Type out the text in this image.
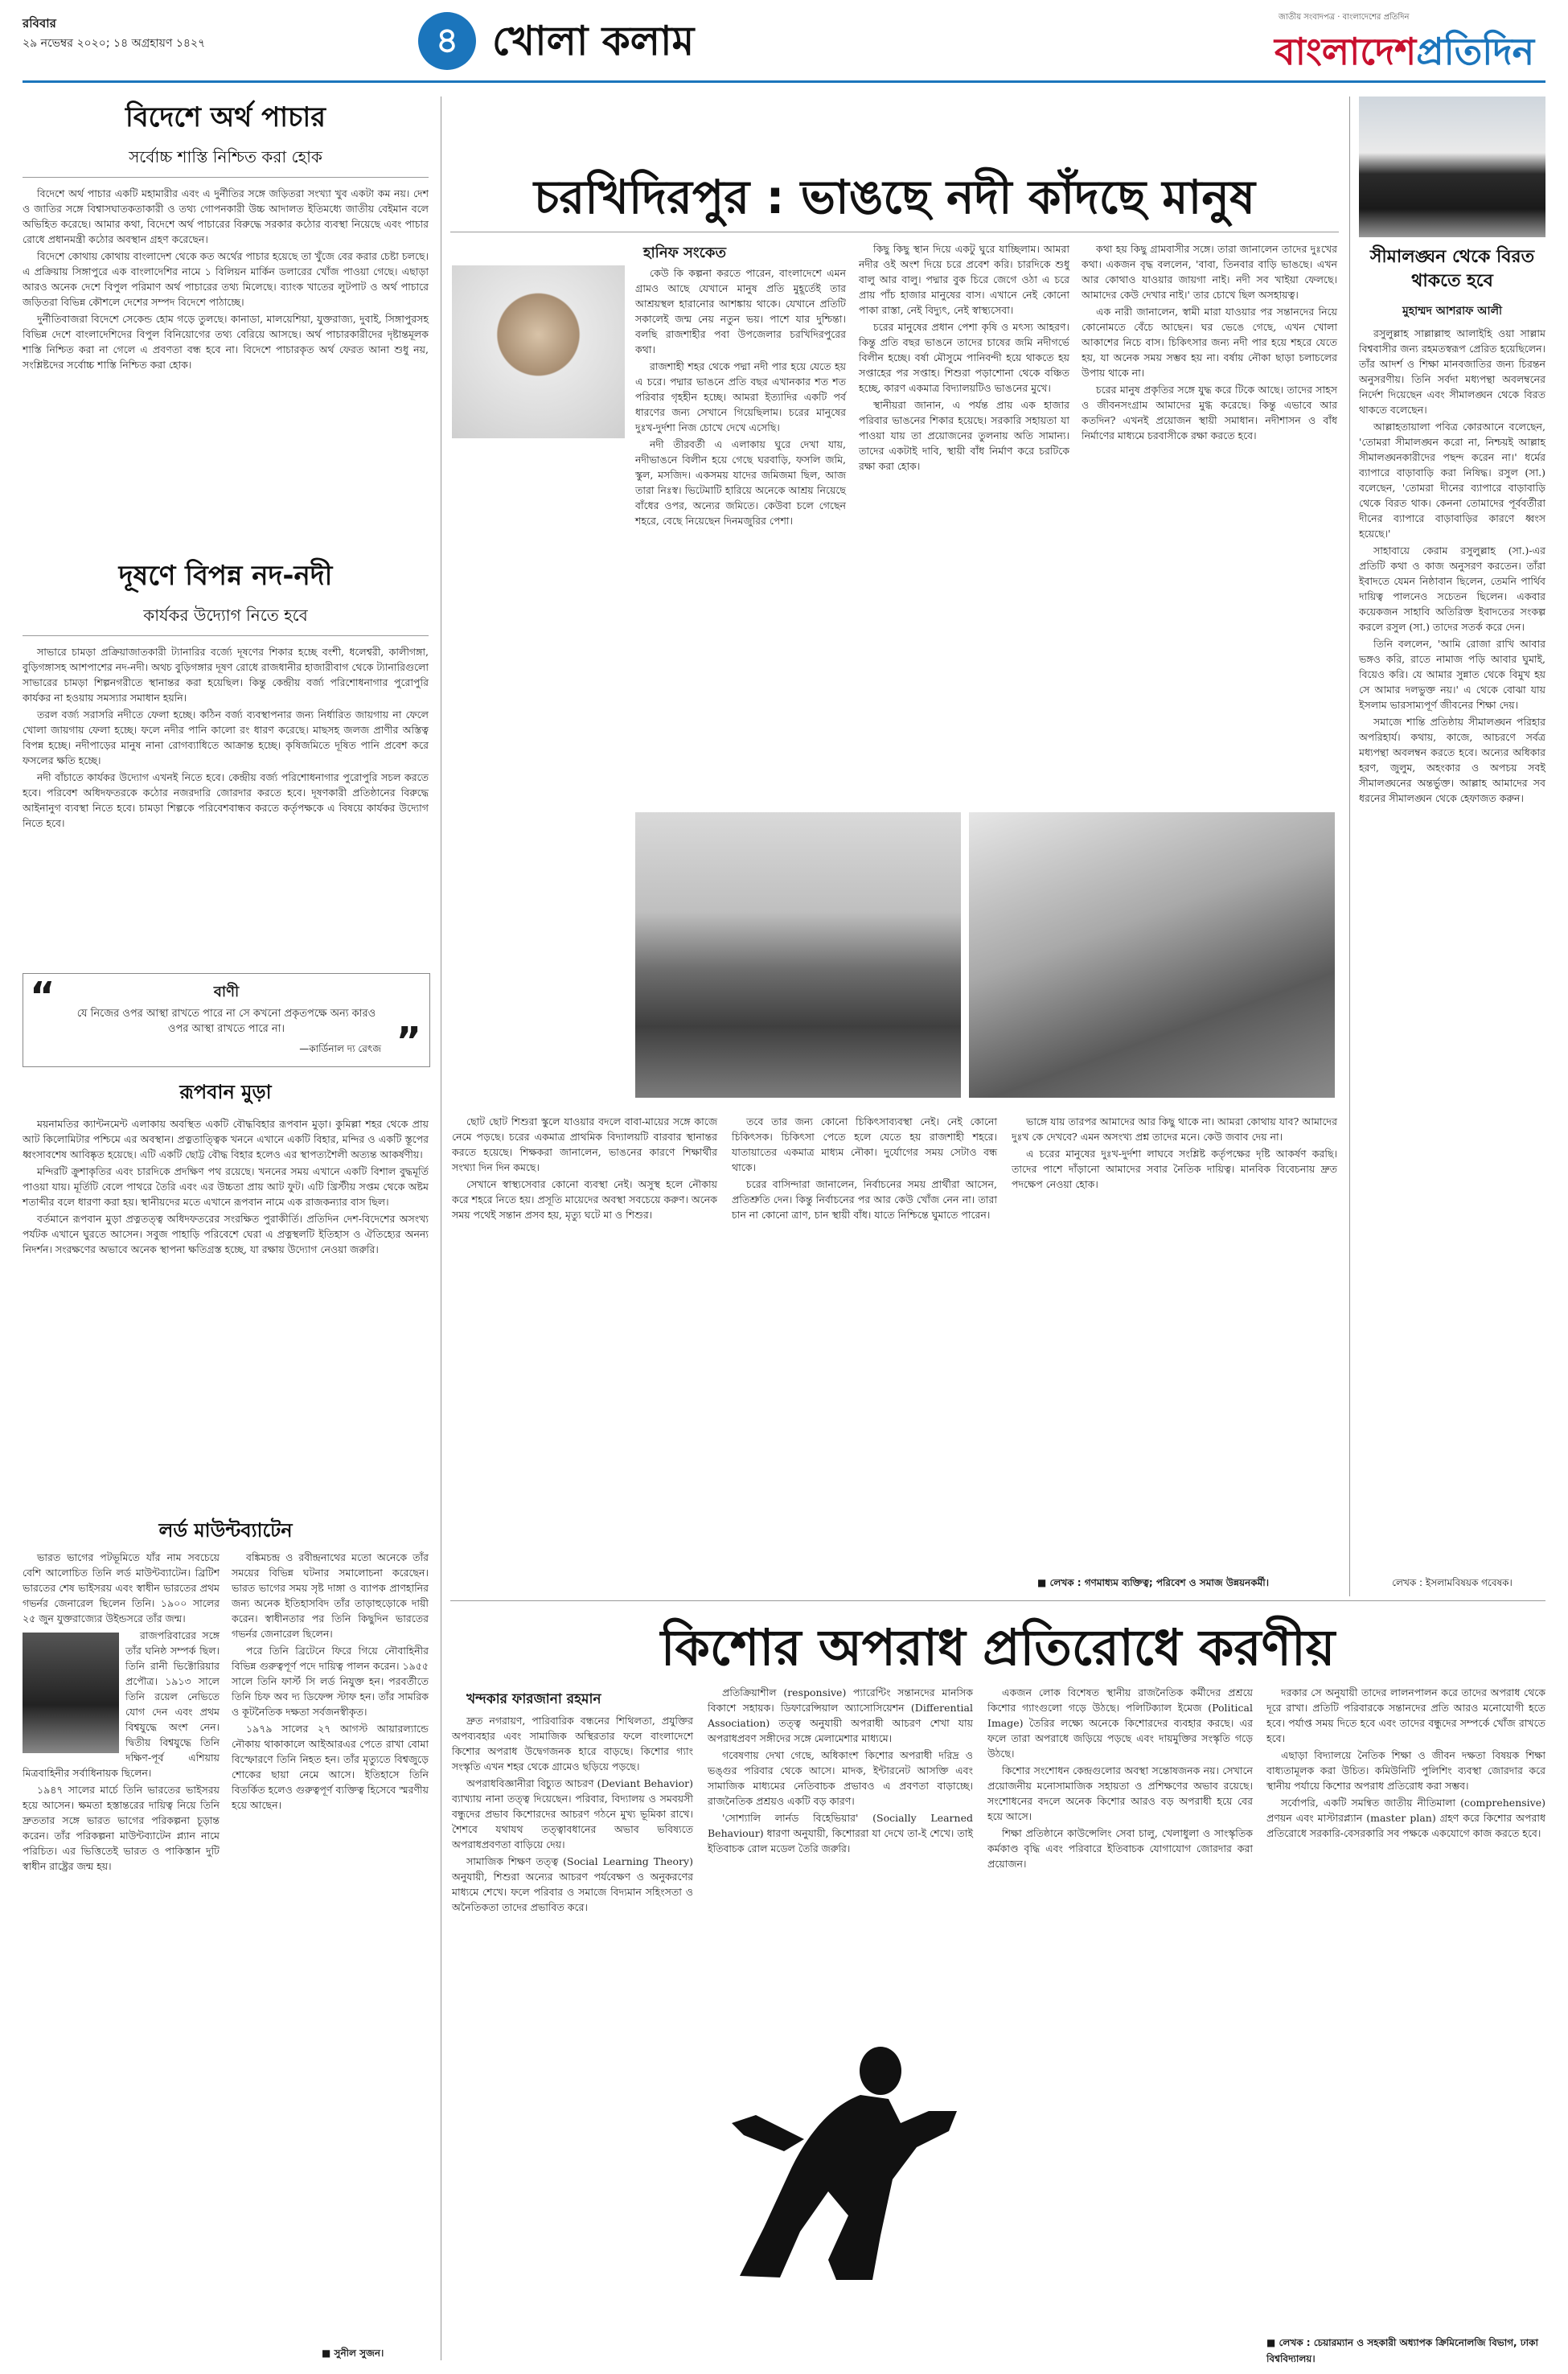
রবিবার
২৯ নভেম্বর ২০২০; ১৪ অগ্রহায়ণ ১৪২৭	৪ খোলা কলাম
জাতীয় সংবাদপত্র · বাংলাদেশের প্রতিদিন
বাংলাদেশপ্রতিদিন
বিদেশে অর্থ পাচার
সর্বোচ্চ শাস্তি নিশ্চিত করা হোক

বিদেশে অর্থ পাচার একটি মহামারীর এবং এ দুর্নীতির সঙ্গে জড়িতরা সংখ্যা খুব একটা কম নয়। দেশ ও জাতির সঙ্গে বিশ্বাসঘাতকতাকারী ও তথ্য গোপনকারী উচ্চ আদালত ইতিমধ্যে জাতীয় বেইমান বলে অভিহিত করেছে। আমার কথা, বিদেশে অর্থ পাচারের বিরুদ্ধে সরকার কঠোর ব্যবস্থা নিয়েছে এবং পাচার রোধে প্রধানমন্ত্রী কঠোর অবস্থান গ্রহণ করেছেন।

বিদেশে কোথায় কোথায় বাংলাদেশ থেকে কত অর্থের পাচার হয়েছে তা খুঁজে বের করার চেষ্টা চলছে। এ প্রক্রিয়ায় সিঙ্গাপুরে এক বাংলাদেশির নামে ১ বিলিয়ন মার্কিন ডলারের খোঁজ পাওয়া গেছে। এছাড়া আরও অনেক দেশে বিপুল পরিমাণ অর্থ পাচারের তথ্য মিলেছে। ব্যাংক খাতের লুটপাট ও অর্থ পাচারে জড়িতরা বিভিন্ন কৌশলে দেশের সম্পদ বিদেশে পাঠাচ্ছে।

দুর্নীতিবাজরা বিদেশে সেকেন্ড হোম গড়ে তুলছে। কানাডা, মালয়েশিয়া, যুক্তরাজ্য, দুবাই, সিঙ্গাপুরসহ বিভিন্ন দেশে বাংলাদেশিদের বিপুল বিনিয়োগের তথ্য বেরিয়ে আসছে। অর্থ পাচারকারীদের দৃষ্টান্তমূলক শাস্তি নিশ্চিত করা না গেলে এ প্রবণতা বন্ধ হবে না। বিদেশে পাচারকৃত অর্থ ফেরত আনা শুধু নয়, সংশ্লিষ্টদের সর্বোচ্চ শাস্তি নিশ্চিত করা হোক।

দূষণে বিপন্ন নদ-নদী
কার্যকর উদ্যোগ নিতে হবে

সাভারে চামড়া প্রক্রিয়াজাতকারী ট্যানারির বর্জ্যে দূষণের শিকার হচ্ছে বংশী, ধলেশ্বরী, কালীগঙ্গা, বুড়িগঙ্গাসহ আশপাশের নদ-নদী। অথচ বুড়িগঙ্গার দূষণ রোধে রাজধানীর হাজারীবাগ থেকে ট্যানারিগুলো সাভারের চামড়া শিল্পনগরীতে স্থানান্তর করা হয়েছিল। কিন্তু কেন্দ্রীয় বর্জ্য পরিশোধনাগার পুরোপুরি কার্যকর না হওয়ায় সমস্যার সমাধান হয়নি।

তরল বর্জ্য সরাসরি নদীতে ফেলা হচ্ছে। কঠিন বর্জ্য ব্যবস্থাপনার জন্য নির্ধারিত জায়গায় না ফেলে খোলা জায়গায় ফেলা হচ্ছে। ফলে নদীর পানি কালো রং ধারণ করেছে। মাছসহ জলজ প্রাণীর অস্তিত্ব বিপন্ন হচ্ছে। নদীপাড়ের মানুষ নানা রোগব্যাধিতে আক্রান্ত হচ্ছে। কৃষিজমিতে দূষিত পানি প্রবেশ করে ফসলের ক্ষতি হচ্ছে।

নদী বাঁচাতে কার্যকর উদ্যোগ এখনই নিতে হবে। কেন্দ্রীয় বর্জ্য পরিশোধনাগার পুরোপুরি সচল করতে হবে। পরিবেশ অধিদফতরকে কঠোর নজরদারি জোরদার করতে হবে। দূষণকারী প্রতিষ্ঠানের বিরুদ্ধে আইনানুগ ব্যবস্থা নিতে হবে। চামড়া শিল্পকে পরিবেশবান্ধব করতে কর্তৃপক্ষকে এ বিষয়ে কার্যকর উদ্যোগ নিতে হবে।

“	বাণী
যে নিজের ওপর আস্থা রাখতে পারে না সে কখনো প্রকৃতপক্ষে অন্য কারও ওপর আস্থা রাখতে পারে না।
—কার্ডিনাল দ্য রেৎজ ”
রূপবান মুড়া

ময়নামতির ক্যান্টনমেন্ট এলাকায় অবস্থিত একটি বৌদ্ধবিহার রূপবান মুড়া। কুমিল্লা শহর থেকে প্রায় আট কিলোমিটার পশ্চিমে এর অবস্থান। প্রত্নতাত্ত্বিক খননে এখানে একটি বিহার, মন্দির ও একটি স্তূপের ধ্বংসাবশেষ আবিষ্কৃত হয়েছে। এটি একটি ছোট্ট বৌদ্ধ বিহার হলেও এর স্থাপত্যশৈলী অত্যন্ত আকর্ষণীয়।

মন্দিরটি ক্রুশাকৃতির এবং চারদিকে প্রদক্ষিণ পথ রয়েছে। খননের সময় এখানে একটি বিশাল বুদ্ধমূর্তি পাওয়া যায়। মূর্তিটি বেলে পাথরে তৈরি এবং এর উচ্চতা প্রায় আট ফুট। এটি খ্রিস্টীয় সপ্তম থেকে অষ্টম শতাব্দীর বলে ধারণা করা হয়। স্থানীয়দের মতে এখানে রূপবান নামে এক রাজকন্যার বাস ছিল।

বর্তমানে রূপবান মুড়া প্রত্নতত্ত্ব অধিদফতরের সংরক্ষিত পুরাকীর্তি। প্রতিদিন দেশ-বিদেশের অসংখ্য পর্যটক এখানে ঘুরতে আসেন। সবুজ পাহাড়ি পরিবেশে ঘেরা এ প্রত্নস্থলটি ইতিহাস ও ঐতিহ্যের অনন্য নিদর্শন। সংরক্ষণের অভাবে অনেক স্থাপনা ক্ষতিগ্রস্ত হচ্ছে, যা রক্ষায় উদ্যোগ নেওয়া জরুরি।

লর্ড মাউন্টব্যাটেন

ভারত ভাগের পটভূমিতে যাঁর নাম সবচেয়ে বেশি আলোচিত তিনি লর্ড মাউন্টব্যাটেন। ব্রিটিশ ভারতের শেষ ভাইসরয় এবং স্বাধীন ভারতের প্রথম গভর্নর জেনারেল ছিলেন তিনি। ১৯০০ সালের ২৫ জুন যুক্তরাজ্যের উইন্ডসরে তাঁর জন্ম।

রাজপরিবারের সঙ্গে তাঁর ঘনিষ্ঠ সম্পর্ক ছিল। তিনি রানী ভিক্টোরিয়ার প্রপৌত্র। ১৯১৩ সালে তিনি রয়েল নেভিতে যোগ দেন এবং প্রথম বিশ্বযুদ্ধে অংশ নেন। দ্বিতীয় বিশ্বযুদ্ধে তিনি দক্ষিণ-পূর্ব এশিয়ায় মিত্রবাহিনীর সর্বাধিনায়ক ছিলেন।

১৯৪৭ সালের মার্চে তিনি ভারতের ভাইসরয় হয়ে আসেন। ক্ষমতা হস্তান্তরের দায়িত্ব নিয়ে তিনি দ্রুততার সঙ্গে ভারত ভাগের পরিকল্পনা চূড়ান্ত করেন। তাঁর পরিকল্পনা মাউন্টব্যাটেন প্ল্যান নামে পরিচিত। এর ভিত্তিতেই ভারত ও পাকিস্তান দুটি স্বাধীন রাষ্ট্রের জন্ম হয়।

বঙ্কিমচন্দ্র ও রবীন্দ্রনাথের মতো অনেকে তাঁর সময়ের বিভিন্ন ঘটনার সমালোচনা করেছেন। ভারত ভাগের সময় সৃষ্ট দাঙ্গা ও ব্যাপক প্রাণহানির জন্য অনেক ইতিহাসবিদ তাঁর তাড়াহুড়োকে দায়ী করেন। স্বাধীনতার পর তিনি কিছুদিন ভারতের গভর্নর জেনারেল ছিলেন।

পরে তিনি ব্রিটেনে ফিরে গিয়ে নৌবাহিনীর বিভিন্ন গুরুত্বপূর্ণ পদে দায়িত্ব পালন করেন। ১৯৫৫ সালে তিনি ফার্স্ট সি লর্ড নিযুক্ত হন। পরবর্তীতে তিনি চিফ অব দ্য ডিফেন্স স্টাফ হন। তাঁর সামরিক ও কূটনৈতিক দক্ষতা সর্বজনস্বীকৃত।

১৯৭৯ সালের ২৭ আগস্ট আয়ারল্যান্ডে নৌকায় থাকাকালে আইআরএর পেতে রাখা বোমা বিস্ফোরণে তিনি নিহত হন। তাঁর মৃত্যুতে বিশ্বজুড়ে শোকের ছায়া নেমে আসে। ইতিহাসে তিনি বিতর্কিত হলেও গুরুত্বপূর্ণ ব্যক্তিত্ব হিসেবে স্মরণীয় হয়ে আছেন।

■ সুনীল সুজন।
চরখিদিরপুর : ভাঙছে নদী কাঁদছে মানুষ
হানিফ সংকেত

কেউ কি কল্পনা করতে পারেন, বাংলাদেশে এমন গ্রামও আছে যেখানে মানুষ প্রতি মুহূর্তেই তার আশ্রয়স্থল হারানোর আশঙ্কায় থাকে। যেখানে প্রতিটি সকালেই জন্ম নেয় নতুন ভয়। পাশে যার দুশ্চিন্তা। বলছি রাজশাহীর পবা উপজেলার চরখিদিরপুরের কথা।

রাজশাহী শহর থেকে পদ্মা নদী পার হয়ে যেতে হয় এ চরে। পদ্মার ভাঙনে প্রতি বছর এখানকার শত শত পরিবার গৃহহীন হচ্ছে। আমরা ইত্যাদির একটি পর্ব ধারণের জন্য সেখানে গিয়েছিলাম। চরের মানুষের দুঃখ-দুর্দশা নিজ চোখে দেখে এসেছি।

নদী তীরবর্তী এ এলাকায় ঘুরে দেখা যায়, নদীভাঙনে বিলীন হয়ে গেছে ঘরবাড়ি, ফসলি জমি, স্কুল, মসজিদ। একসময় যাদের জমিজমা ছিল, আজ তারা নিঃস্ব। ভিটেমাটি হারিয়ে অনেকে আশ্রয় নিয়েছে বাঁধের ওপর, অন্যের জমিতে। কেউবা চলে গেছেন শহরে, বেছে নিয়েছেন দিনমজুরির পেশা।

কিছু কিছু স্থান দিয়ে একটু ঘুরে যাচ্ছিলাম। আমরা নদীর ওই অংশ দিয়ে চরে প্রবেশ করি। চারদিকে শুধু বালু আর বালু। পদ্মার বুক চিরে জেগে ওঠা এ চরে প্রায় পাঁচ হাজার মানুষের বাস। এখানে নেই কোনো পাকা রাস্তা, নেই বিদ্যুৎ, নেই স্বাস্থ্যসেবা।

চরের মানুষের প্রধান পেশা কৃষি ও মৎস্য আহরণ। কিন্তু প্রতি বছর ভাঙনে তাদের চাষের জমি নদীগর্ভে বিলীন হচ্ছে। বর্ষা মৌসুমে পানিবন্দী হয়ে থাকতে হয় সপ্তাহের পর সপ্তাহ। শিশুরা পড়াশোনা থেকে বঞ্চিত হচ্ছে, কারণ একমাত্র বিদ্যালয়টিও ভাঙনের মুখে।

স্থানীয়রা জানান, এ পর্যন্ত প্রায় এক হাজার পরিবার ভাঙনের শিকার হয়েছে। সরকারি সহায়তা যা পাওয়া যায় তা প্রয়োজনের তুলনায় অতি সামান্য। তাদের একটাই দাবি, স্থায়ী বাঁধ নির্মাণ করে চরটিকে রক্ষা করা হোক।

কথা হয় কিছু গ্রামবাসীর সঙ্গে। তারা জানালেন তাদের দুঃখের কথা। একজন বৃদ্ধ বললেন, 'বাবা, তিনবার বাড়ি ভাঙছে। এখন আর কোথাও যাওয়ার জায়গা নাই। নদী সব খাইয়া ফেলছে। আমাদের কেউ দেখার নাই।' তার চোখে ছিল অসহায়ত্ব।

এক নারী জানালেন, স্বামী মারা যাওয়ার পর সন্তানদের নিয়ে কোনোমতে বেঁচে আছেন। ঘর ভেঙে গেছে, এখন খোলা আকাশের নিচে বাস। চিকিৎসার জন্য নদী পার হয়ে শহরে যেতে হয়, যা অনেক সময় সম্ভব হয় না। বর্ষায় নৌকা ছাড়া চলাচলের উপায় থাকে না।

চরের মানুষ প্রকৃতির সঙ্গে যুদ্ধ করে টিকে আছে। তাদের সাহস ও জীবনসংগ্রাম আমাদের মুগ্ধ করেছে। কিন্তু এভাবে আর কতদিন? এখনই প্রয়োজন স্থায়ী সমাধান। নদীশাসন ও বাঁধ নির্মাণের মাধ্যমে চরবাসীকে রক্ষা করতে হবে।

ছোট ছোট শিশুরা স্কুলে যাওয়ার বদলে বাবা-মায়ের সঙ্গে কাজে নেমে পড়ছে। চরের একমাত্র প্রাথমিক বিদ্যালয়টি বারবার স্থানান্তর করতে হয়েছে। শিক্ষকরা জানালেন, ভাঙনের কারণে শিক্ষার্থীর সংখ্যা দিন দিন কমছে।

সেখানে স্বাস্থ্যসেবার কোনো ব্যবস্থা নেই। অসুস্থ হলে নৌকায় করে শহরে নিতে হয়। প্রসূতি মায়েদের অবস্থা সবচেয়ে করুণ। অনেক সময় পথেই সন্তান প্রসব হয়, মৃত্যু ঘটে মা ও শিশুর।

তবে তার জন্য কোনো চিকিৎসাব্যবস্থা নেই। নেই কোনো চিকিৎসক। চিকিৎসা পেতে হলে যেতে হয় রাজশাহী শহরে। যাতায়াতের একমাত্র মাধ্যম নৌকা। দুর্যোগের সময় সেটাও বন্ধ থাকে।

চরের বাসিন্দারা জানালেন, নির্বাচনের সময় প্রার্থীরা আসেন, প্রতিশ্রুতি দেন। কিন্তু নির্বাচনের পর আর কেউ খোঁজ নেন না। তারা চান না কোনো ত্রাণ, চান স্থায়ী বাঁধ। যাতে নিশ্চিন্তে ঘুমাতে পারেন।

ভাঙ্গে যায় তারপর আমাদের আর কিছু থাকে না। আমরা কোথায় যাব? আমাদের দুঃখ কে দেখবে? এমন অসংখ্য প্রশ্ন তাদের মনে। কেউ জবাব দেয় না।

এ চরের মানুষের দুঃখ-দুর্দশা লাঘবে সংশ্লিষ্ট কর্তৃপক্ষের দৃষ্টি আকর্ষণ করছি। তাদের পাশে দাঁড়ানো আমাদের সবার নৈতিক দায়িত্ব। মানবিক বিবেচনায় দ্রুত পদক্ষেপ নেওয়া হোক।

■ লেখক : গণমাধ্যম ব্যক্তিত্ব; পরিবেশ ও সমাজ উন্নয়নকর্মী।
সীমালঙ্ঘন থেকে বিরত থাকতে হবে
মুহাম্মদ আশরাফ আলী

রসুলুল্লাহ সাল্লাল্লাহু আলাইহি ওয়া সাল্লাম বিশ্ববাসীর জন্য রহমতস্বরূপ প্রেরিত হয়েছিলেন। তাঁর আদর্শ ও শিক্ষা মানবজাতির জন্য চিরন্তন অনুসরণীয়। তিনি সর্বদা মধ্যপন্থা অবলম্বনের নির্দেশ দিয়েছেন এবং সীমালঙ্ঘন থেকে বিরত থাকতে বলেছেন।

আল্লাহতায়ালা পবিত্র কোরআনে বলেছেন, 'তোমরা সীমালঙ্ঘন করো না, নিশ্চয়ই আল্লাহ সীমালঙ্ঘনকারীদের পছন্দ করেন না।' ধর্মের ব্যাপারে বাড়াবাড়ি করা নিষিদ্ধ। রসুল (সা.) বলেছেন, 'তোমরা দীনের ব্যাপারে বাড়াবাড়ি থেকে বিরত থাক। কেননা তোমাদের পূর্ববর্তীরা দীনের ব্যাপারে বাড়াবাড়ির কারণে ধ্বংস হয়েছে।'

সাহাবায়ে কেরাম রসুলুল্লাহ (সা.)-এর প্রতিটি কথা ও কাজ অনুসরণ করতেন। তাঁরা ইবাদতে যেমন নিষ্ঠাবান ছিলেন, তেমনি পার্থিব দায়িত্ব পালনেও সচেতন ছিলেন। একবার কয়েকজন সাহাবি অতিরিক্ত ইবাদতের সংকল্প করলে রসুল (সা.) তাদের সতর্ক করে দেন।

তিনি বললেন, 'আমি রোজা রাখি আবার ভঙ্গও করি, রাতে নামাজ পড়ি আবার ঘুমাই, বিয়েও করি। যে আমার সুন্নাত থেকে বিমুখ হয় সে আমার দলভুক্ত নয়।' এ থেকে বোঝা যায় ইসলাম ভারসাম্যপূর্ণ জীবনের শিক্ষা দেয়।

সমাজে শান্তি প্রতিষ্ঠায় সীমালঙ্ঘন পরিহার অপরিহার্য। কথায়, কাজে, আচরণে সর্বত্র মধ্যপন্থা অবলম্বন করতে হবে। অন্যের অধিকার হরণ, জুলুম, অহংকার ও অপচয় সবই সীমালঙ্ঘনের অন্তর্ভুক্ত। আল্লাহ আমাদের সব ধরনের সীমালঙ্ঘন থেকে হেফাজত করুন।

লেখক : ইসলামবিষয়ক গবেষক।
কিশোর অপরাধ প্রতিরোধে করণীয়
খন্দকার ফারজানা রহমান

দ্রুত নগরায়ণ, পারিবারিক বন্ধনের শিথিলতা, প্রযুক্তির অপব্যবহার এবং সামাজিক অস্থিরতার ফলে বাংলাদেশে কিশোর অপরাধ উদ্বেগজনক হারে বাড়ছে। কিশোর গ্যাং সংস্কৃতি এখন শহর থেকে গ্রামেও ছড়িয়ে পড়ছে।

অপরাধবিজ্ঞানীরা বিচ্যুত আচরণ (Deviant Behavior) ব্যাখ্যায় নানা তত্ত্ব দিয়েছেন। পরিবার, বিদ্যালয় ও সমবয়সী বন্ধুদের প্রভাব কিশোরদের আচরণ গঠনে মুখ্য ভূমিকা রাখে। শৈশবে যথাযথ তত্ত্বাবধানের অভাব ভবিষ্যতে অপরাধপ্রবণতা বাড়িয়ে দেয়।

সামাজিক শিক্ষণ তত্ত্ব (Social Learning Theory) অনুযায়ী, শিশুরা অন্যের আচরণ পর্যবেক্ষণ ও অনুকরণের মাধ্যমে শেখে। ফলে পরিবার ও সমাজে বিদ্যমান সহিংসতা ও অনৈতিকতা তাদের প্রভাবিত করে।

প্রতিক্রিয়াশীল (responsive) প্যারেন্টিং সন্তানদের মানসিক বিকাশে সহায়ক। ডিফারেন্সিয়াল অ্যাসোসিয়েশন (Differential Association) তত্ত্ব অনুযায়ী অপরাধী আচরণ শেখা যায় অপরাধপ্রবণ সঙ্গীদের সঙ্গে মেলামেশার মাধ্যমে।

গবেষণায় দেখা গেছে, অধিকাংশ কিশোর অপরাধী দরিদ্র ও ভঙ্গুর পরিবার থেকে আসে। মাদক, ইন্টারনেট আসক্তি এবং সামাজিক মাধ্যমের নেতিবাচক প্রভাবও এ প্রবণতা বাড়াচ্ছে। রাজনৈতিক প্রশ্রয়ও একটি বড় কারণ।

'সোশ্যালি লার্নড বিহেভিয়ার' (Socially Learned Behaviour) ধারণা অনুযায়ী, কিশোররা যা দেখে তা-ই শেখে। তাই ইতিবাচক রোল মডেল তৈরি জরুরি।

একজন লোক বিশেষত স্থানীয় রাজনৈতিক কর্মীদের প্রশ্রয়ে কিশোর গ্যাংগুলো গড়ে উঠছে। পলিটিক্যাল ইমেজ (Political Image) তৈরির লক্ষ্যে অনেকে কিশোরদের ব্যবহার করছে। এর ফলে তারা অপরাধে জড়িয়ে পড়ছে এবং দায়মুক্তির সংস্কৃতি গড়ে উঠছে।

কিশোর সংশোধন কেন্দ্রগুলোর অবস্থা সন্তোষজনক নয়। সেখানে প্রয়োজনীয় মনোসামাজিক সহায়তা ও প্রশিক্ষণের অভাব রয়েছে। সংশোধনের বদলে অনেক কিশোর আরও বড় অপরাধী হয়ে বের হয়ে আসে।

শিক্ষা প্রতিষ্ঠানে কাউন্সেলিং সেবা চালু, খেলাধুলা ও সাংস্কৃতিক কর্মকাণ্ড বৃদ্ধি এবং পরিবারে ইতিবাচক যোগাযোগ জোরদার করা প্রয়োজন।

দরকার সে অনুযায়ী তাদের লালনপালন করে তাদের অপরাধ থেকে দূরে রাখা। প্রতিটি পরিবারকে সন্তানদের প্রতি আরও মনোযোগী হতে হবে। পর্যাপ্ত সময় দিতে হবে এবং তাদের বন্ধুদের সম্পর্কে খোঁজ রাখতে হবে।

এছাড়া বিদ্যালয়ে নৈতিক শিক্ষা ও জীবন দক্ষতা বিষয়ক শিক্ষা বাধ্যতামূলক করা উচিত। কমিউনিটি পুলিশিং ব্যবস্থা জোরদার করে স্থানীয় পর্যায়ে কিশোর অপরাধ প্রতিরোধ করা সম্ভব।

সর্বোপরি, একটি সমন্বিত জাতীয় নীতিমালা (comprehensive) প্রণয়ন এবং মাস্টারপ্ল্যান (master plan) গ্রহণ করে কিশোর অপরাধ প্রতিরোধে সরকারি-বেসরকারি সব পক্ষকে একযোগে কাজ করতে হবে।

■ লেখক : চেয়ারম্যান ও সহকারী অধ্যাপক ক্রিমিনোলজি বিভাগ, ঢাকা বিশ্ববিদ্যালয়।
